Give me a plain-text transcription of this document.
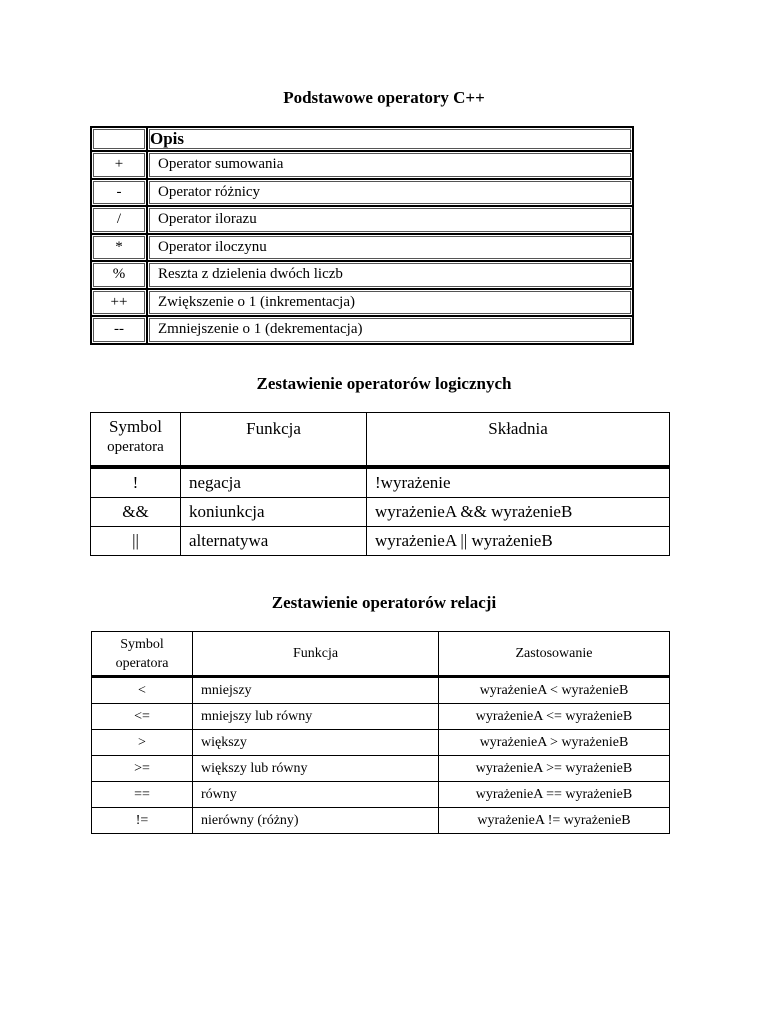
Podstawowe operatory C++
	Opis
+	Operator sumowania
-	Operator różnicy
/	Operator ilorazu
*	Operator iloczynu
%	Reszta z dzielenia dwóch liczb
++	Zwiększenie o 1 (inkrementacja)
--	Zmniejszenie o 1 (dekrementacja)
Zestawienie operatorów logicznych
Symbol
operatora	Funkcja	Składnia
!	negacja	!wyrażenie
&&	koniunkcja	wyrażenieA && wyrażenieB
||	alternatywa	wyrażenieA || wyrażenieB
Zestawienie operatorów relacji
Symbol
operatora	Funkcja	Zastosowanie
<	mniejszy	wyrażenieA < wyrażenieB
<=	mniejszy lub równy	wyrażenieA <= wyrażenieB
>	większy	wyrażenieA > wyrażenieB
>=	większy lub równy	wyrażenieA >= wyrażenieB
==	równy	wyrażenieA == wyrażenieB
!=	nierówny (różny)	wyrażenieA != wyrażenieB
